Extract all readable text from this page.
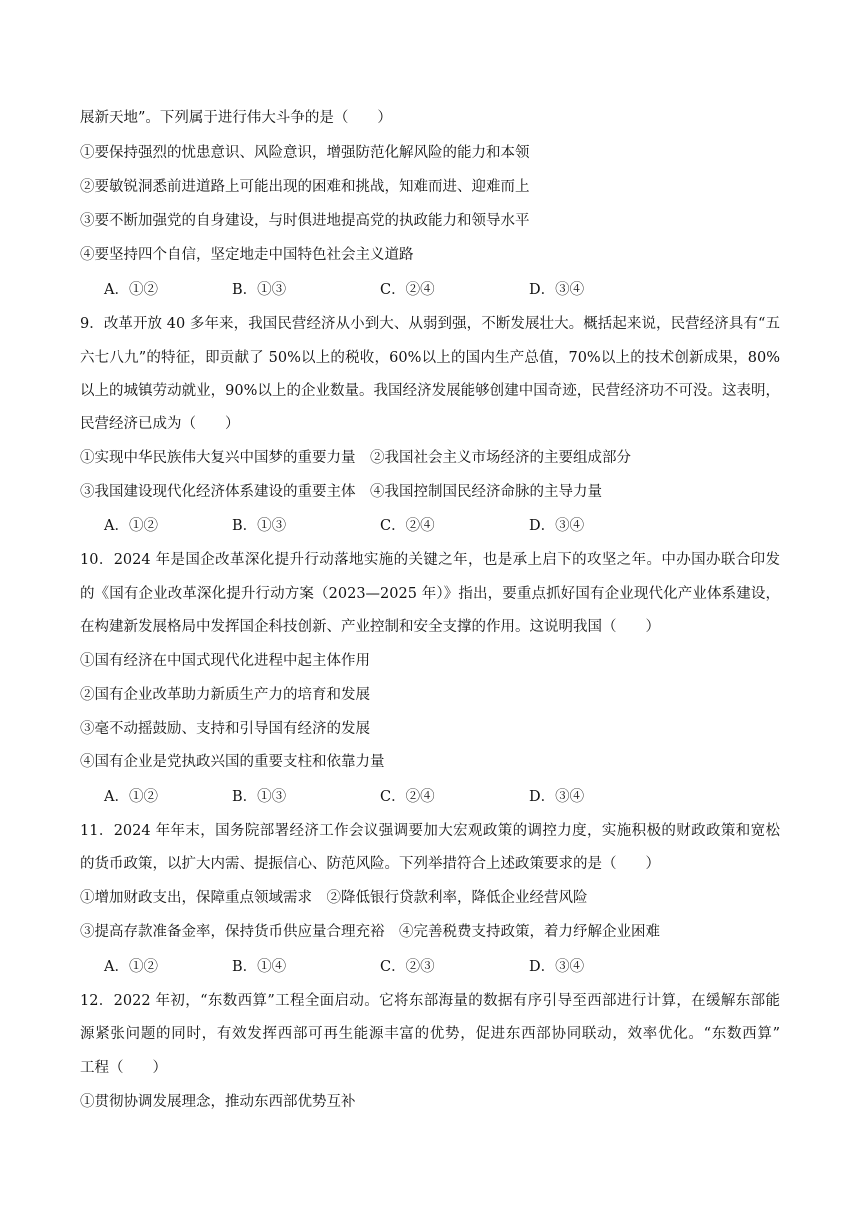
展新天地”。下列属于进行伟大斗争的是（　　）
①要保持强烈的忧患意识、风险意识，增强防范化解风险的能力和本领
②要敏锐洞悉前进道路上可能出现的困难和挑战，知难而进、迎难而上
③要不断加强党的自身建设，与时俱进地提高党的执政能力和领导水平
④要坚持四个自信，坚定地走中国特色社会主义道路
A．①②	B．①③	C．②④	D．③④
9．改革开放 40 多年来，我国民营经济从小到大、从弱到强，不断发展壮大。概括起来说，民营经济具有“五
六七八九”的特征，即贡献了 50%以上的税收，60%以上的国内生产总值，70%以上的技术创新成果，80%
以上的城镇劳动就业，90%以上的企业数量。我国经济发展能够创建中国奇迹，民营经济功不可没。这表明，
民营经济已成为（　　）
①实现中华民族伟大复兴中国梦的重要力量　②我国社会主义市场经济的主要组成部分
③我国建设现代化经济体系建设的重要主体　④我国控制国民经济命脉的主导力量
A．①②	B．①③	C．②④	D．③④
10．2024 年是国企改革深化提升行动落地实施的关键之年，也是承上启下的攻坚之年。中办国办联合印发
的《国有企业改革深化提升行动方案（2023—2025 年）》指出，要重点抓好国有企业现代化产业体系建设，
在构建新发展格局中发挥国企科技创新、产业控制和安全支撑的作用。这说明我国（　　）
①国有经济在中国式现代化进程中起主体作用
②国有企业改革助力新质生产力的培育和发展
③毫不动摇鼓励、支持和引导国有经济的发展
④国有企业是党执政兴国的重要支柱和依靠力量
A．①②	B．①③	C．②④	D．③④
11．2024 年年末，国务院部署经济工作会议强调要加大宏观政策的调控力度，实施积极的财政政策和宽松
的货币政策，以扩大内需、提振信心、防范风险。下列举措符合上述政策要求的是（　　）
①增加财政支出，保障重点领域需求　②降低银行贷款利率，降低企业经营风险
③提高存款准备金率，保持货币供应量合理充裕　④完善税费支持政策，着力纾解企业困难
A．①②	B．①④	C．②③	D．③④
12．2022 年初，“东数西算”工程全面启动。它将东部海量的数据有序引导至西部进行计算，在缓解东部能
源紧张问题的同时，有效发挥西部可再生能源丰富的优势，促进东西部协同联动，效率优化。“东数西算”
工程（　　）
①贯彻协调发展理念，推动东西部优势互补
